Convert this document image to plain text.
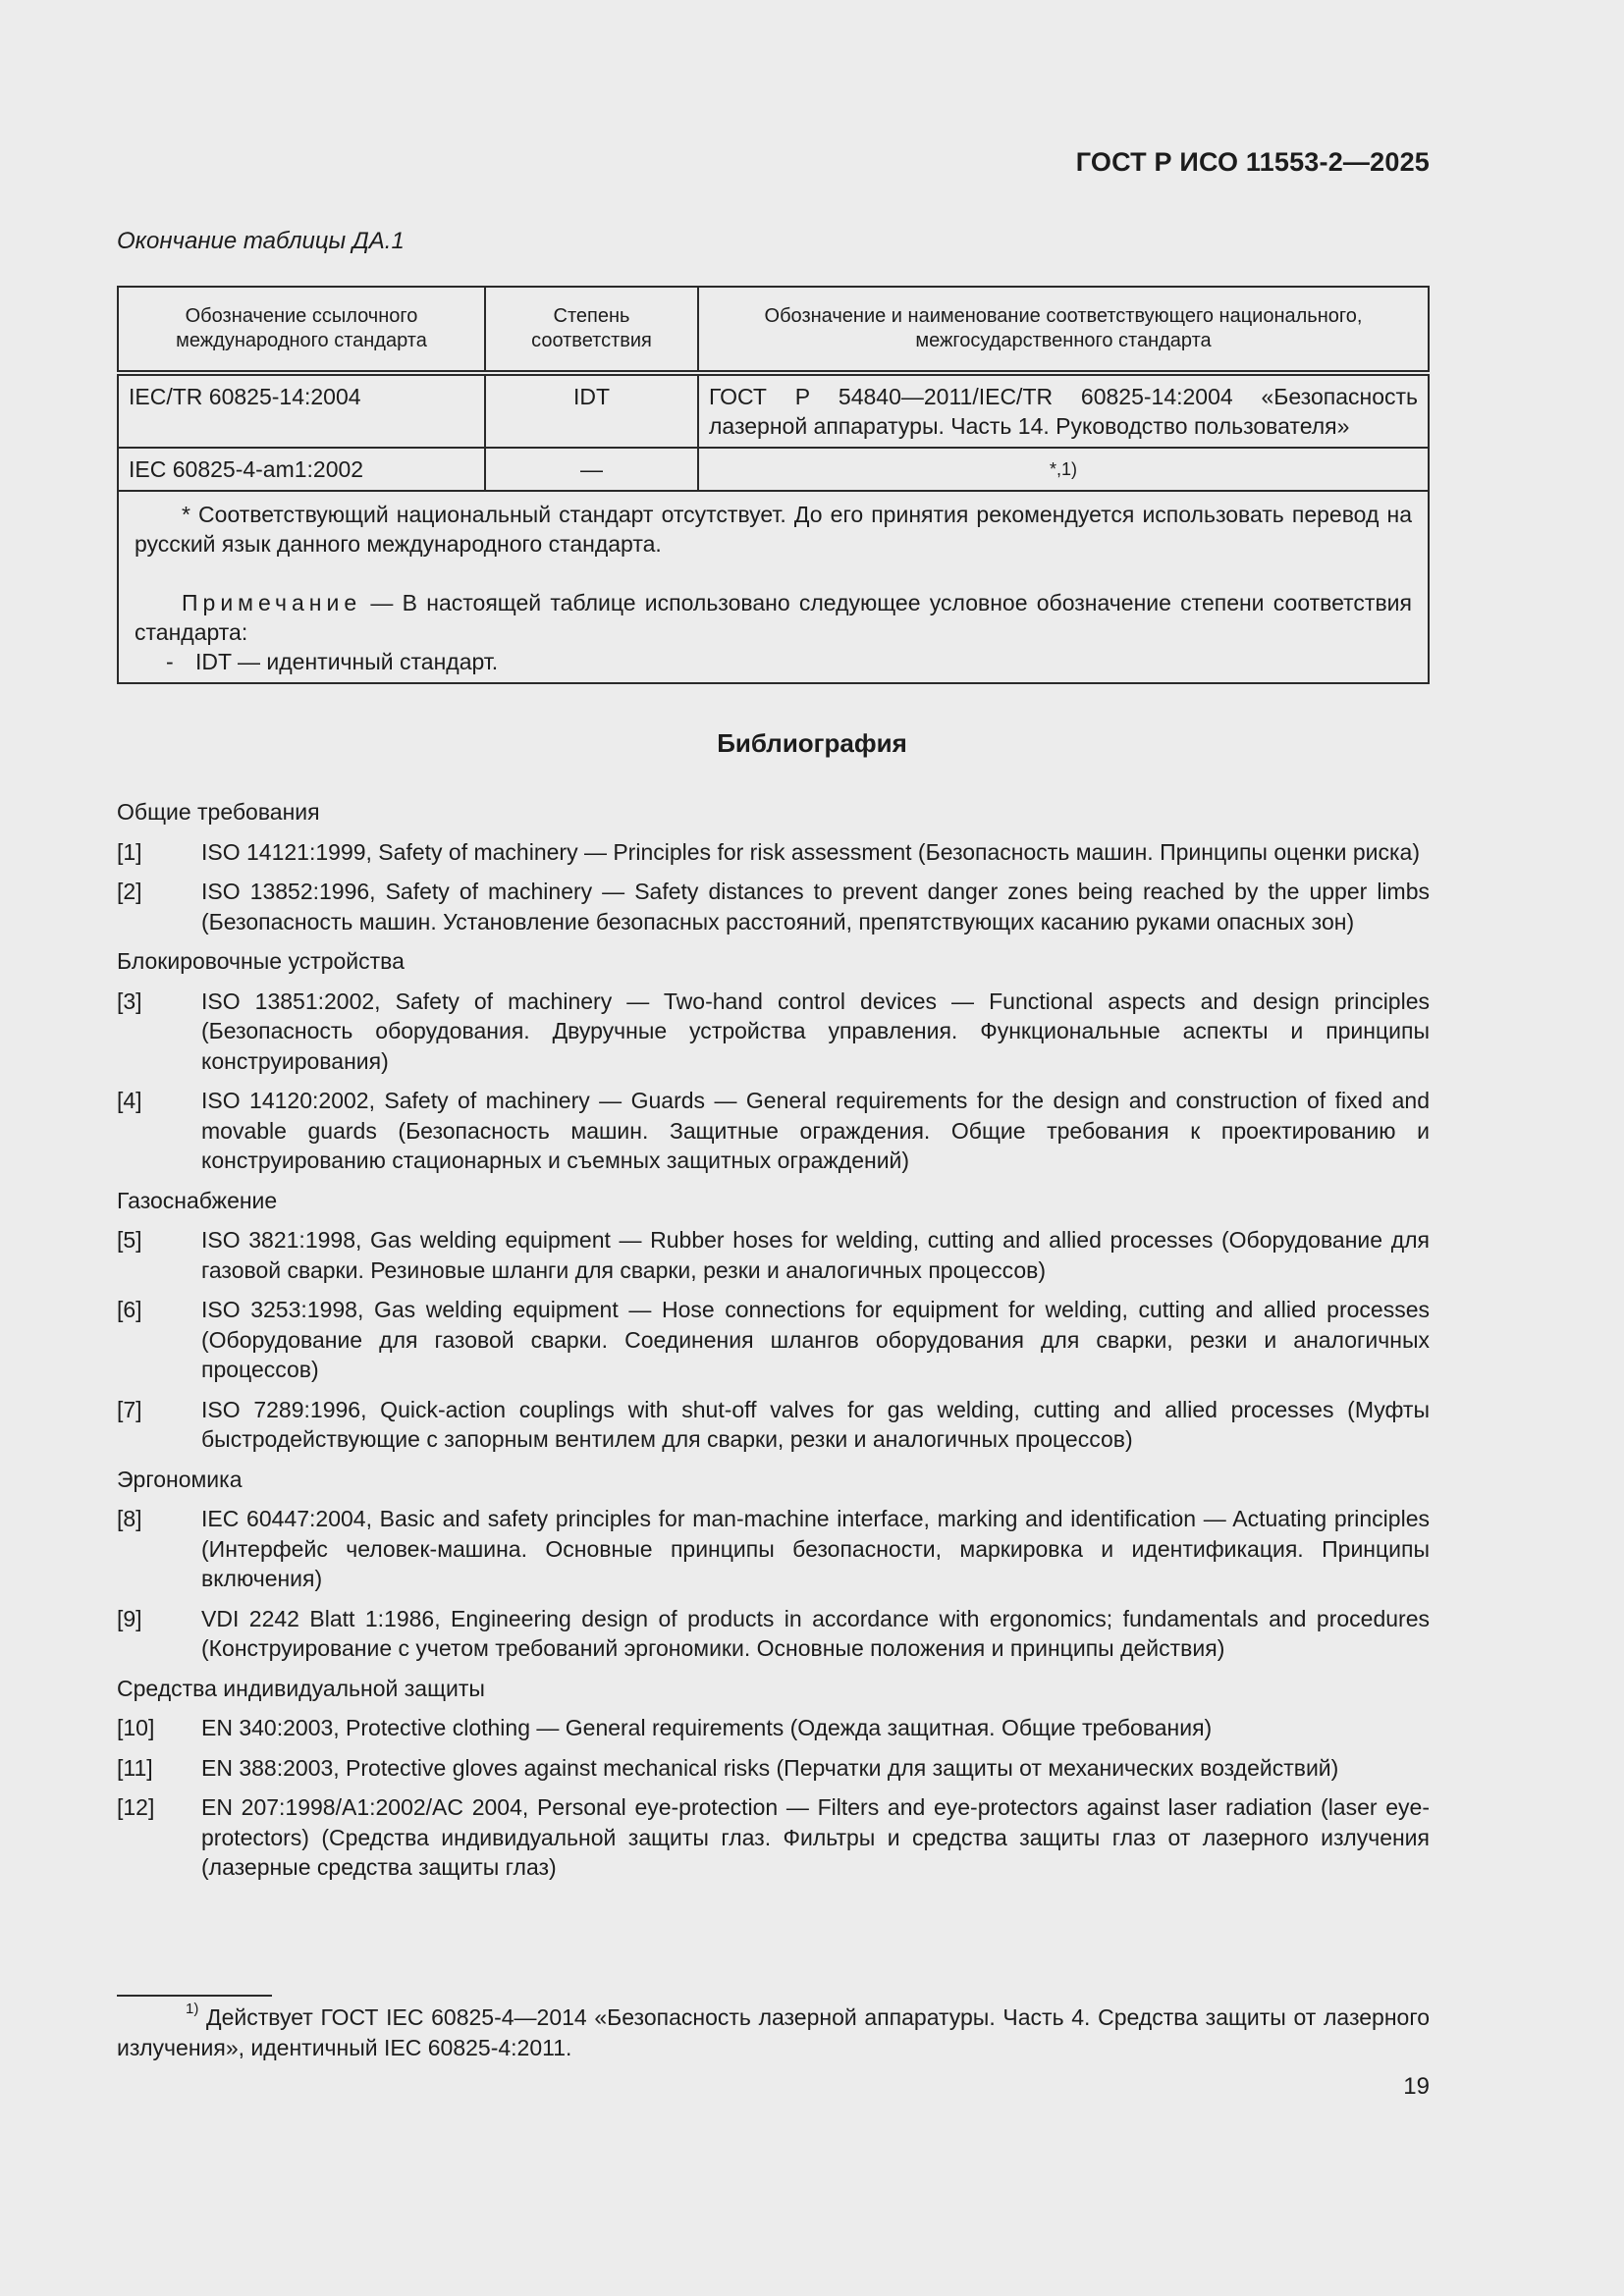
ГОСТ Р ИСО 11553-2—2025
Окончание таблицы ДА.1
Обозначение ссылочного международного стандарта	Степень соответствия	Обозначение и наименование соответствующего национального, межгосударственного стандарта
IEC/TR 60825-14:2004	IDT	ГОСТ Р 54840—2011/IEC/TR 60825-14:2004 «Безопасность лазерной аппаратуры. Часть 14. Руководство пользователя»
IEC 60825-4-am1:2002	—	*,1)

* Соответствующий национальный стандарт отсутствует. До его принятия рекомендуется использовать перевод на русский язык данного международного стандарта.

Примечание — В настоящей таблице использовано следующее условное обозначение степени соответствия стандарта:

- IDT — идентичный стандарт.		

Библиография
Общие требования
[1]	ISO 14121:1999, Safety of machinery — Principles for risk assessment (Безопасность машин. Принципы оценки риска)
[2]	ISO 13852:1996, Safety of machinery — Safety distances to prevent danger zones being reached by the upper limbs (Безопасность машин. Установление безопасных расстояний, препятствующих касанию руками опасных зон)
Блокировочные устройства
[3]	ISO 13851:2002, Safety of machinery — Two-hand control devices — Functional aspects and design principles (Безопасность оборудования. Двуручные устройства управления. Функциональные аспекты и принципы конструирования)
[4]	ISO 14120:2002, Safety of machinery — Guards — General requirements for the design and construction of fixed and movable guards (Безопасность машин. Защитные ограждения. Общие требования к проектированию и конструированию стационарных и съемных защитных ограждений)
Газоснабжение
[5]	ISO 3821:1998, Gas welding equipment — Rubber hoses for welding, cutting and allied processes (Оборудование для газовой сварки. Резиновые шланги для сварки, резки и аналогичных процессов)
[6]	ISO 3253:1998, Gas welding equipment — Hose connections for equipment for welding, cutting and allied processes (Оборудование для газовой сварки. Соединения шлангов оборудования для сварки, резки и аналогичных процессов)
[7]	ISO 7289:1996, Quick-action couplings with shut-off valves for gas welding, cutting and allied processes (Муфты быстродействующие с запорным вентилем для сварки, резки и аналогичных процессов)
Эргономика
[8]	IEC 60447:2004, Basic and safety principles for man-machine interface, marking and identification — Actuating principles (Интерфейс человек-машина. Основные принципы безопасности, маркировка и идентификация. Принципы включения)
[9]	VDI 2242 Blatt 1:1986, Engineering design of products in accordance with ergonomics; fundamentals and procedures (Конструирование с учетом требований эргономики. Основные положения и принципы действия)
Средства индивидуальной защиты
[10]	EN 340:2003, Protective clothing — General requirements (Одежда защитная. Общие требования)
[11]	EN 388:2003, Protective gloves against mechanical risks (Перчатки для защиты от механических воздействий)
[12]	EN 207:1998/A1:2002/AC 2004, Personal eye-protection — Filters and eye-protectors against laser radiation (laser eye-protectors) (Средства индивидуальной защиты глаз. Фильтры и средства защиты глаз от лазерного излучения (лазерные средства защиты глаз)
$^{1)}$ Действует ГОСТ IEC 60825-4—2014 «Безопасность лазерной аппаратуры. Часть 4. Средства защиты от лазерного излучения», идентичный IEC 60825-4:2011.
19
